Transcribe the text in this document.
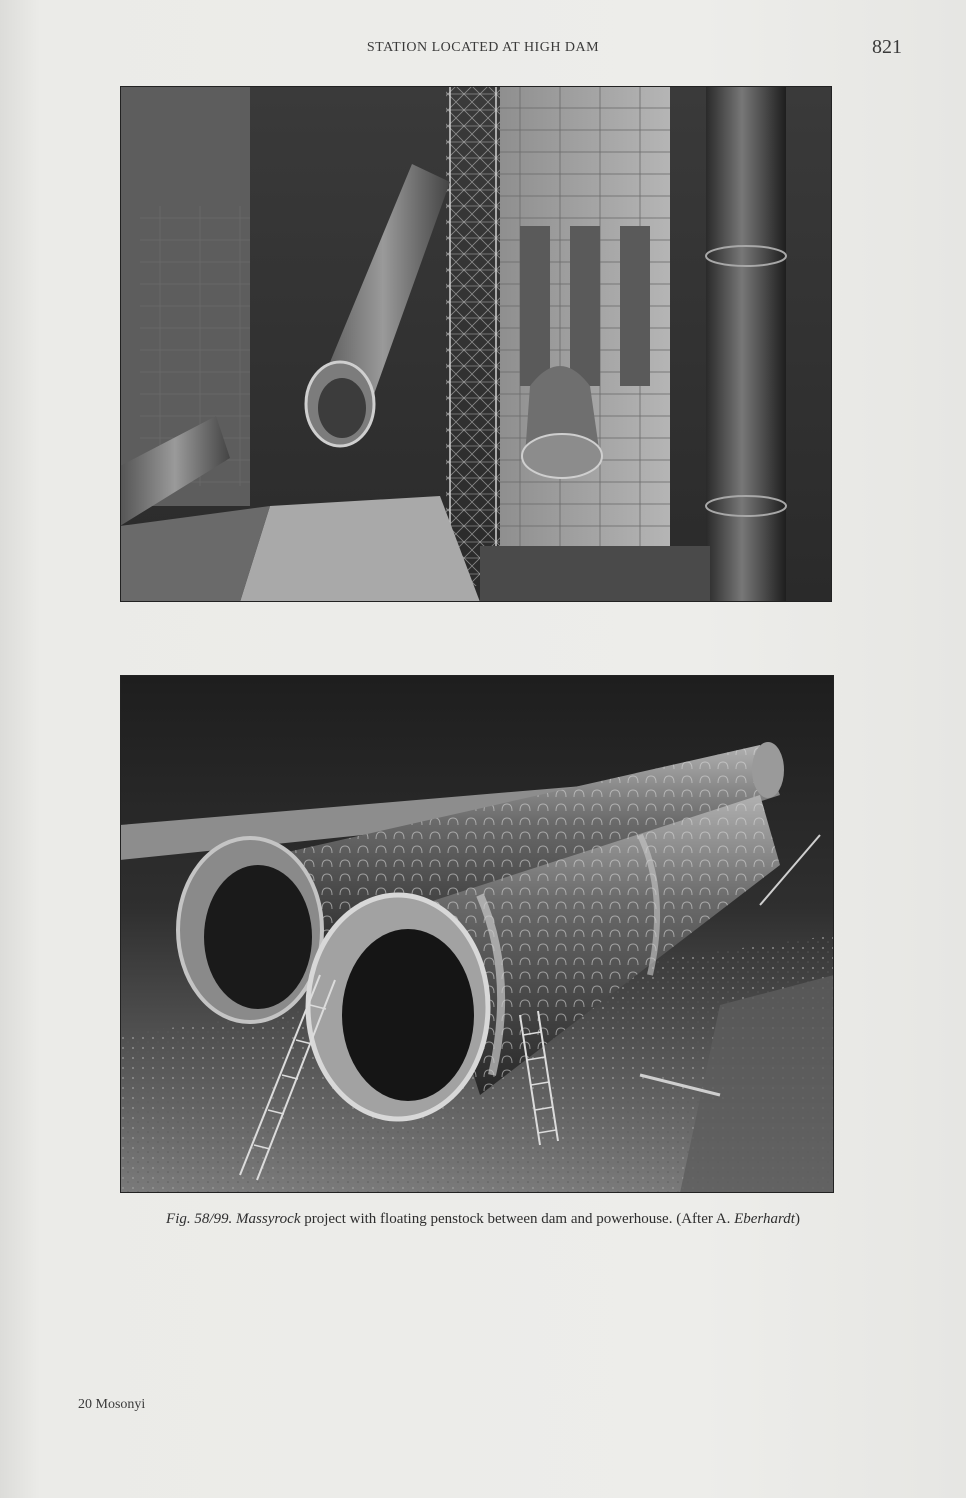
STATION LOCATED AT HIGH DAM	821
Fig. 58/99. Massyrock project with floating penstock between dam and powerhouse. (After A. Eberhardt)
20 Mosonyi
